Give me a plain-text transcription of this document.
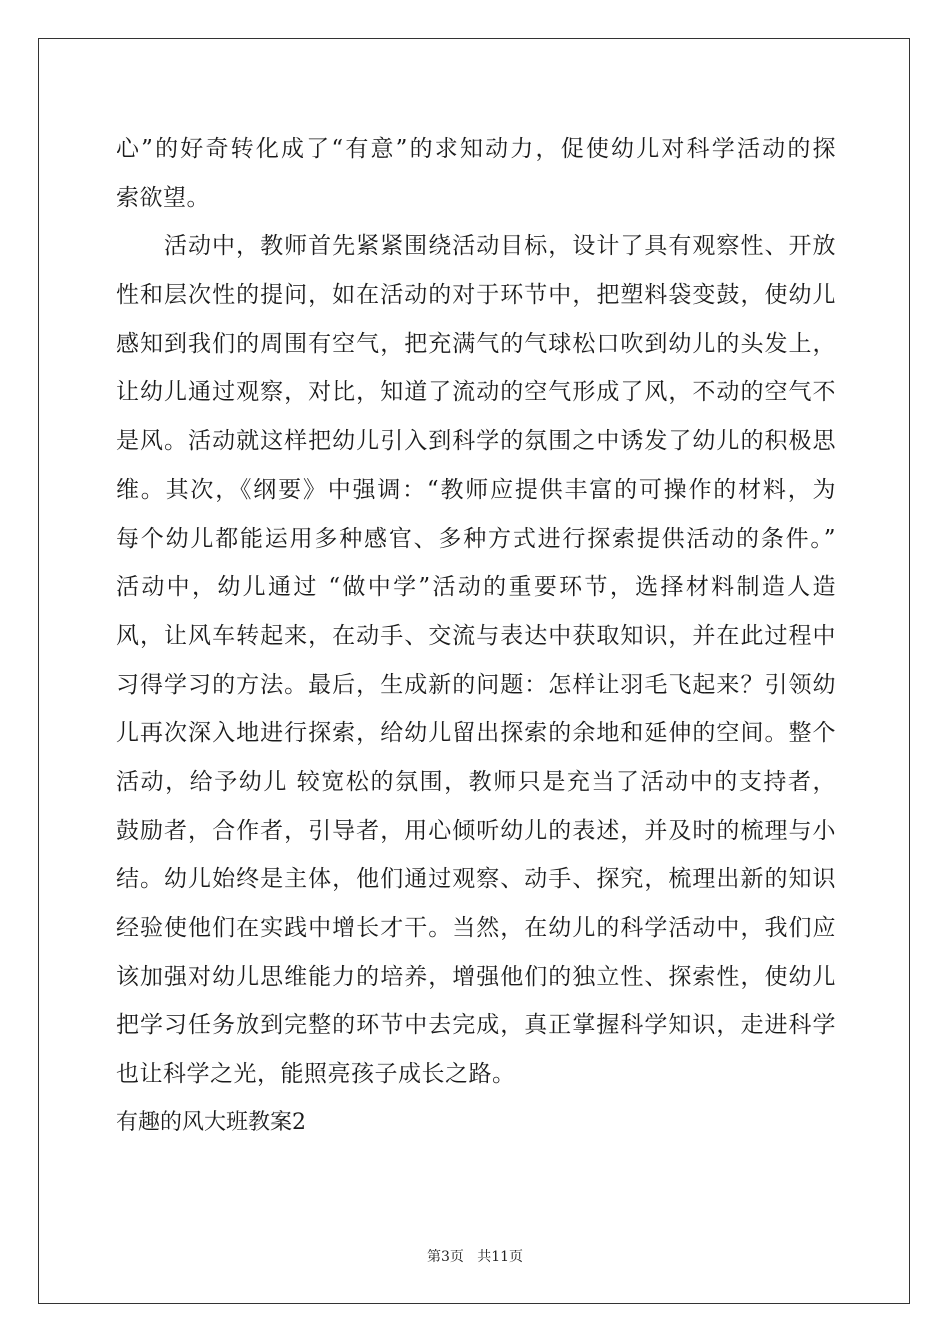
心”的好奇转化成了“有意”的求知动力，促使幼儿对科学活动的探
索欲望。
活动中，教师首先紧紧围绕活动目标，设计了具有观察性、开放
性和层次性的提问，如在活动的对于环节中，把塑料袋变鼓，使幼儿
感知到我们的周围有空气，把充满气的气球松口吹到幼儿的头发上，
让幼儿通过观察，对比，知道了流动的空气形成了风，不动的空气不
是风。活动就这样把幼儿引入到科学的氛围之中诱发了幼儿的积极思
维。其次，《纲要》中强调：“教师应提供丰富的可操作的材料，为
每个幼儿都能运用多种感官、多种方式进行探索提供活动的条件。”
活动中，幼儿通过 “做中学”活动的重要环节，选择材料制造人造
风，让风车转起来，在动手、交流与表达中获取知识，并在此过程中
习得学习的方法。最后，生成新的问题：怎样让羽毛飞起来？引领幼
儿再次深入地进行探索，给幼儿留出探索的余地和延伸的空间。整个
活动，给予幼儿 较宽松的氛围，教师只是充当了活动中的支持者，
鼓励者，合作者，引导者，用心倾听幼儿的表述，并及时的梳理与小
结。幼儿始终是主体，他们通过观察、动手、探究，梳理出新的知识
经验使他们在实践中增长才干。当然，在幼儿的科学活动中，我们应
该加强对幼儿思维能力的培养，增强他们的独立性、探索性，使幼儿
把学习任务放到完整的环节中去完成，真正掌握科学知识，走进科学
也让科学之光，能照亮孩子成长之路。
有趣的风大班教案2
第3页   共11页
